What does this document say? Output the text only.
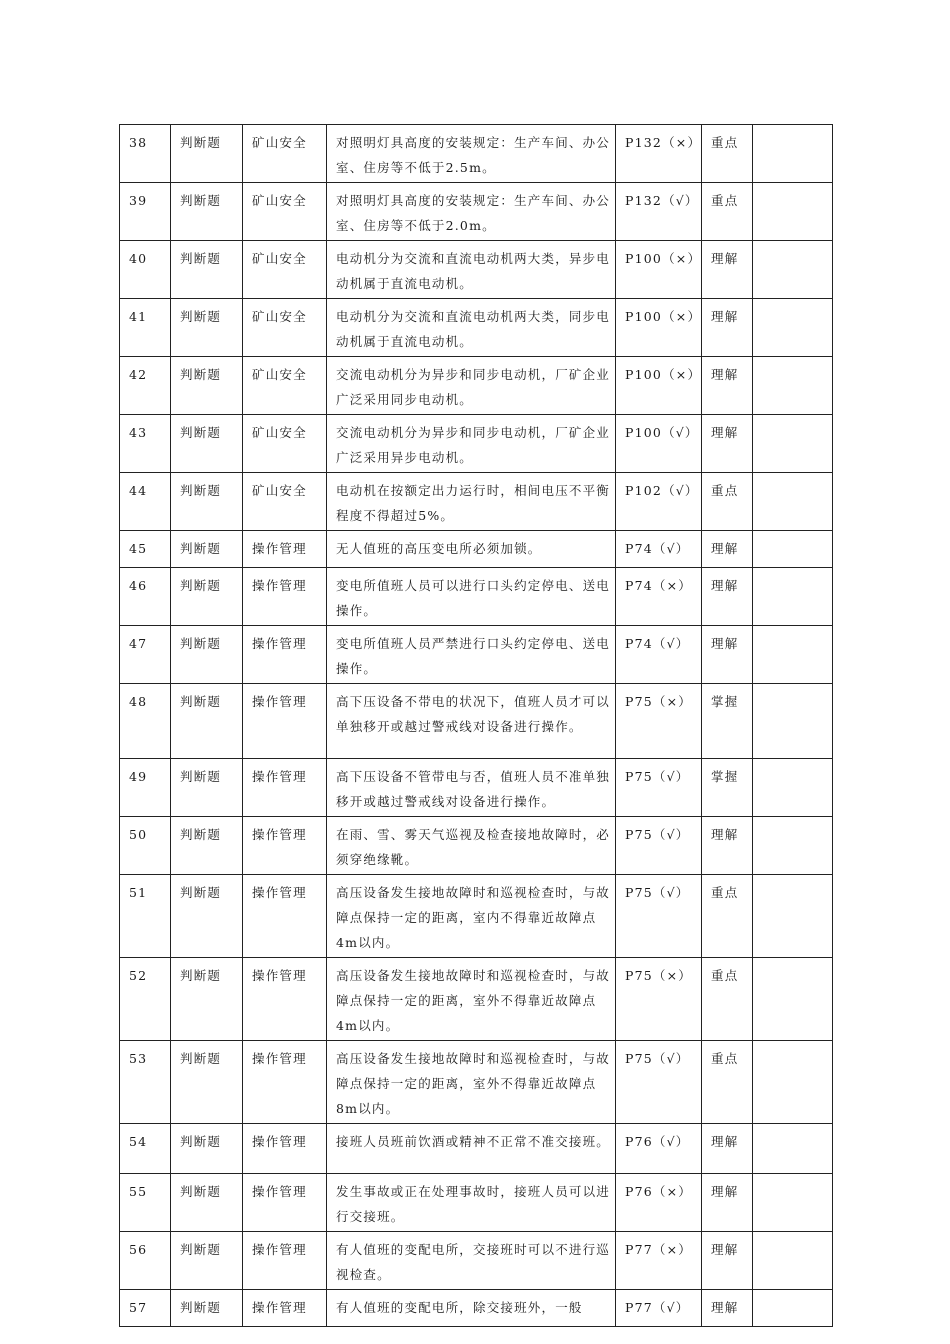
38	判断题	矿山安全	对照明灯具高度的安装规定：生产车间、办公室、住房等不低于2.5m。	P132（×）	重点	
39	判断题	矿山安全	对照明灯具高度的安装规定：生产车间、办公室、住房等不低于2.0m。	P132（√）	重点	
40	判断题	矿山安全	电动机分为交流和直流电动机两大类，异步电动机属于直流电动机。	P100（×）	理解	
41	判断题	矿山安全	电动机分为交流和直流电动机两大类，同步电动机属于直流电动机。	P100（×）	理解	
42	判断题	矿山安全	交流电动机分为异步和同步电动机，厂矿企业广泛采用同步电动机。	P100（×）	理解	
43	判断题	矿山安全	交流电动机分为异步和同步电动机，厂矿企业广泛采用异步电动机。	P100（√）	理解	
44	判断题	矿山安全	电动机在按额定出力运行时，相间电压不平衡程度不得超过5%。	P102（√）	重点	
45	判断题	操作管理	无人值班的高压变电所必须加锁。	P74（√）	理解	
46	判断题	操作管理	变电所值班人员可以进行口头约定停电、送电操作。	P74（×）	理解	
47	判断题	操作管理	变电所值班人员严禁进行口头约定停电、送电操作。	P74（√）	理解	
48	判断题	操作管理	高下压设备不带电的状况下，值班人员才可以单独移开或越过警戒线对设备进行操作。	P75（×）	掌握	
49	判断题	操作管理	高下压设备不管带电与否，值班人员不准单独移开或越过警戒线对设备进行操作。	P75（√）	掌握	
50	判断题	操作管理	在雨、雪、雾天气巡视及检查接地故障时，必须穿绝缘靴。	P75（√）	理解	
51	判断题	操作管理	高压设备发生接地故障时和巡视检查时，与故障点保持一定的距离，室内不得靠近故障点4m以内。	P75（√）	重点	
52	判断题	操作管理	高压设备发生接地故障时和巡视检查时，与故障点保持一定的距离，室外不得靠近故障点4m以内。	P75（×）	重点	
53	判断题	操作管理	高压设备发生接地故障时和巡视检查时，与故障点保持一定的距离，室外不得靠近故障点8m以内。	P75（√）	重点	
54	判断题	操作管理	接班人员班前饮酒或精神不正常不准交接班。	P76（√）	理解	
55	判断题	操作管理	发生事故或正在处理事故时，接班人员可以进行交接班。	P76（×）	理解	
56	判断题	操作管理	有人值班的变配电所，交接班时可以不进行巡视检查。	P77（×）	理解	
57	判断题	操作管理	有人值班的变配电所，除交接班外，一般	P77（√）	理解	
